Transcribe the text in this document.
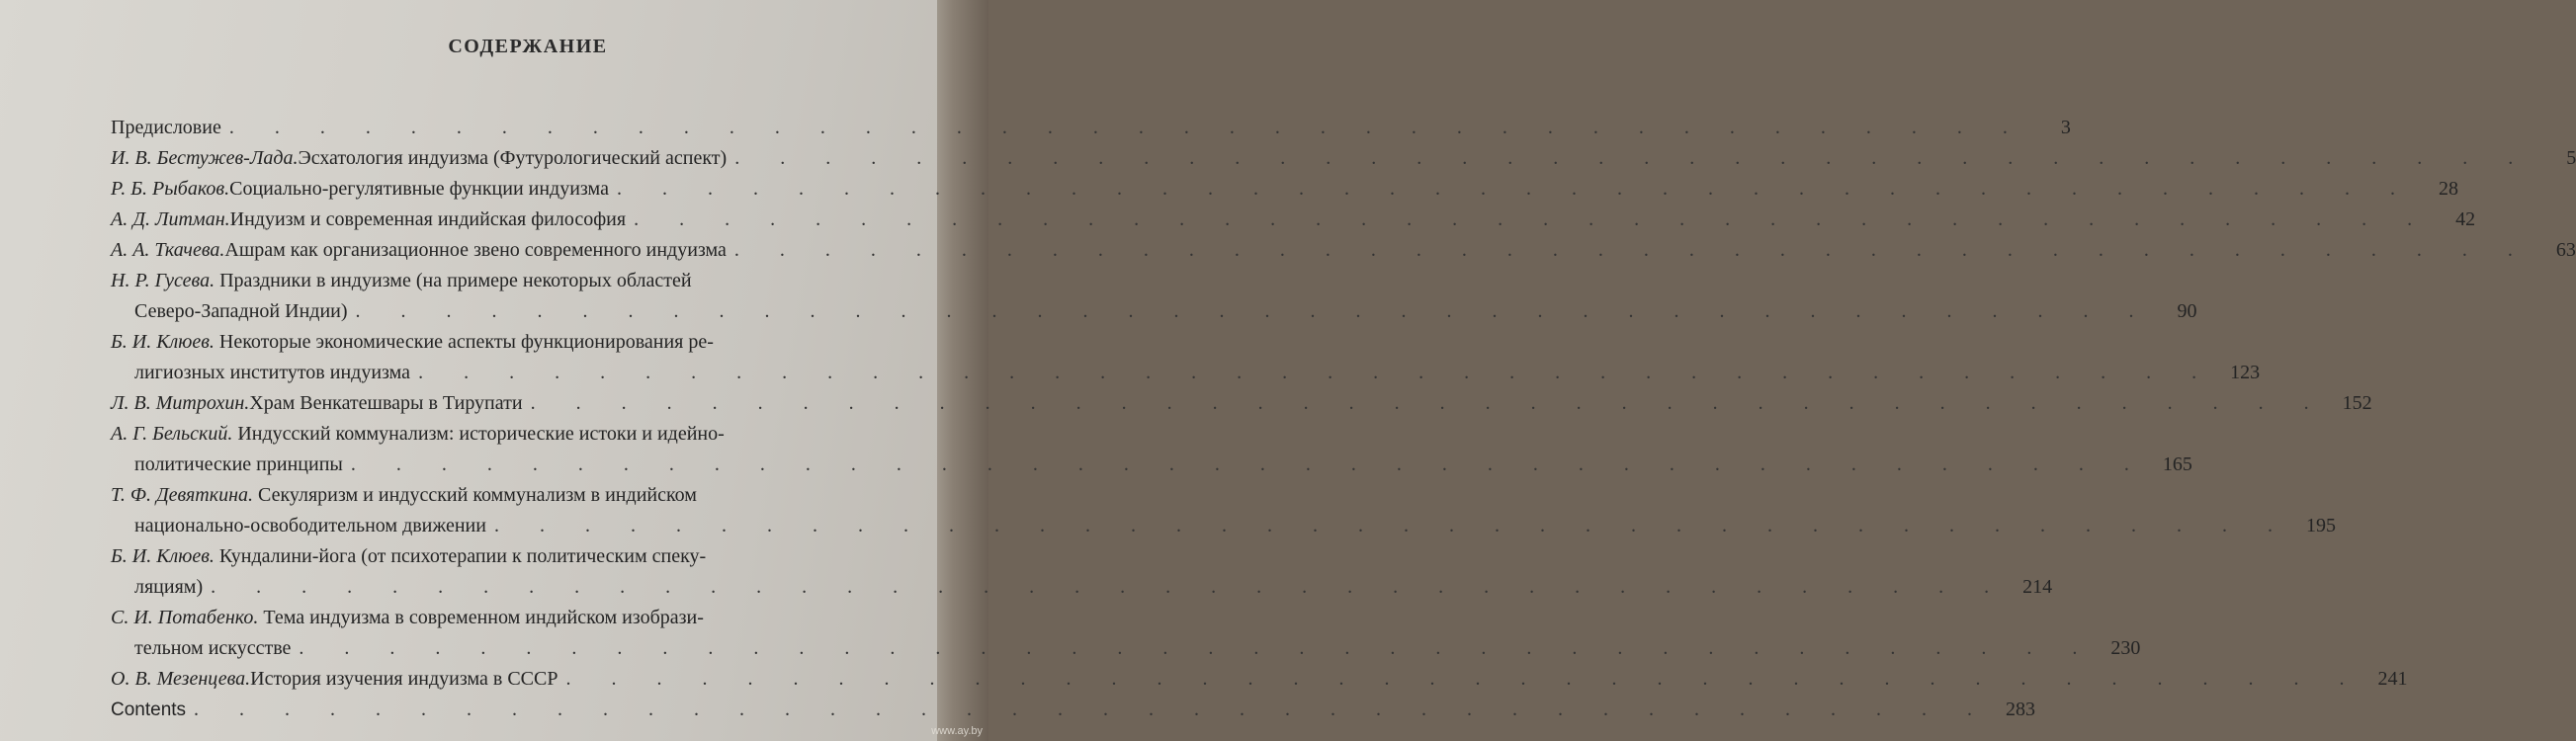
СОДЕРЖАНИЕ
Предисловие . . . . . . . . . . . . . . . . . . . . . . . . . . . . . . . . . . . . . . . .	3
И. В. Бестужев-Лада. Эсхатология индуизма (Футурологический аспект) . . . . . . . . . . . . . . . . . . . . . . . . . . . . . . . . . . . . . . . .	5
Р. Б. Рыбаков. Социально-регулятивные функции индуизма . . . . . . . . . . . . . . . . . . . . . . . . . . . . . . . . . . . . . . . .	28
А. Д. Литман. Индуизм и современная индийская философия . . . . . . . . . . . . . . . . . . . . . . . . . . . . . . . . . . . . . . . .	42
А. А. Ткачева. Ашрам как организационное звено современного индуизма . . . . . . . . . . . . . . . . . . . . . . . . . . . . . . . . . . . . . . . .	63
Н. Р. Гусева. Праздники в индуизме (на примере некоторых областей
Северо-Западной Индии) . . . . . . . . . . . . . . . . . . . . . . . . . . . . . . . . . . . . . . . .	90
Б. И. Клюев. Некоторые экономические аспекты функционирования ре-
лигиозных институтов индуизма . . . . . . . . . . . . . . . . . . . . . . . . . . . . . . . . . . . . . . . . 123
Л. В. Митрохин. Храм Венкатешвары в Тирупати . . . . . . . . . . . . . . . . . . . . . . . . . . . . . . . . . . . . . . . . 152
А. Г. Бельский. Индусский коммунализм: исторические истоки и идейно-
политические принципы . . . . . . . . . . . . . . . . . . . . . . . . . . . . . . . . . . . . . . . . 165
Т. Ф. Девяткина. Секуляризм и индусский коммунализм в индийском
национально-освободительном движении . . . . . . . . . . . . . . . . . . . . . . . . . . . . . . . . . . . . . . . . 195
Б. И. Клюев. Кундалини-йога (от психотерапии к политическим спеку-
ляциям) . . . . . . . . . . . . . . . . . . . . . . . . . . . . . . . . . . . . . . . . 214
С. И. Потабенко. Тема индуизма в современном индийском изобрази-
тельном искусстве . . . . . . . . . . . . . . . . . . . . . . . . . . . . . . . . . . . . . . . . 230
О. В. Мезенцева. История изучения индуизма в СССР . . . . . . . . . . . . . . . . . . . . . . . . . . . . . . . . . . . . . . . . 241
Contents . . . . . . . . . . . . . . . . . . . . . . . . . . . . . . . . . . . . . . . . 283
www.ay.by
